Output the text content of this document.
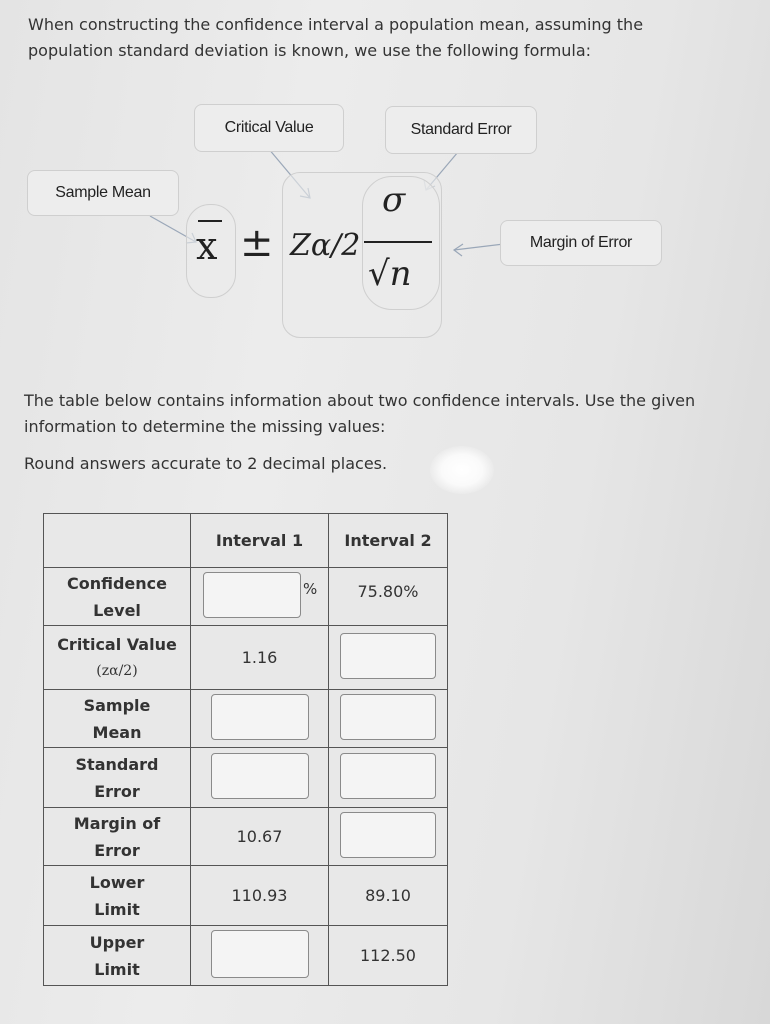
When constructing the confidence interval a population mean, assuming the
population standard deviation is known, we use the following formula:
Critical Value	Standard Error
Sample Mean
Margin of Error
x ± Zα/2
σ
√n
The table below contains information about two confidence intervals. Use the given
information to determine the missing values:
Round answers accurate to 2 decimal places.
	Interval 1	Interval 2

Confidence
Level	%	75.80%

Critical Value
(zα/2)	1.16	

Sample
Mean		

Standard
Error		

Margin of
Error	10.67	

Lower
Limit	110.93	89.10

Upper
Limit		112.50
